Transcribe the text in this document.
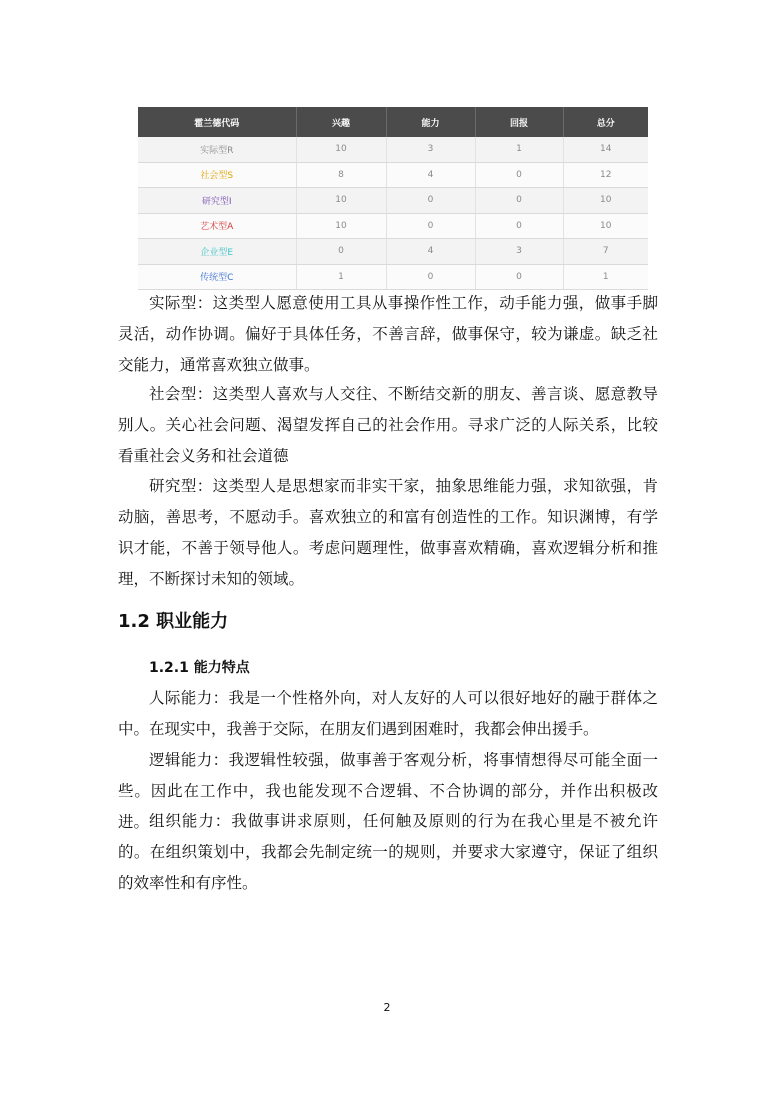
霍兰德代码	兴趣	能力	回报	总分
实际型R	10	3	1	14
社会型S	8	4	0	12
研究型I	10	0	0	10
艺术型A	10	0	0	10
企业型E	0	4	3	7
传统型C	1	0	0	1

实际型：这类型人愿意使用工具从事操作性工作，动手能力强，做事手脚灵活，动作协调。偏好于具体任务，不善言辞，做事保守，较为谦虚。缺乏社交能力，通常喜欢独立做事。

社会型：这类型人喜欢与人交往、不断结交新的朋友、善言谈、愿意教导别人。关心社会问题、渴望发挥自己的社会作用。寻求广泛的人际关系，比较看重社会义务和社会道德

研究型：这类型人是思想家而非实干家，抽象思维能力强，求知欲强，肯动脑，善思考，不愿动手。喜欢独立的和富有创造性的工作。知识渊博，有学识才能，不善于领导他人。考虑问题理性，做事喜欢精确，喜欢逻辑分析和推理，不断探讨未知的领域。

1.2 职业能力
1.2.1 能力特点

人际能力：我是一个性格外向，对人友好的人可以很好地好的融于群体之中。在现实中，我善于交际，在朋友们遇到困难时，我都会伸出援手。

逻辑能力：我逻辑性较强，做事善于客观分析，将事情想得尽可能全面一些。因此在工作中，我也能发现不合逻辑、不合协调的部分，并作出积极改进。 组织能力：我做事讲求原则，任何触及原则的行为在我心里是不被允许的。在组织策划中，我都会先制定统一的规则，并要求大家遵守，保证了组织的效率性和有序性。

2
